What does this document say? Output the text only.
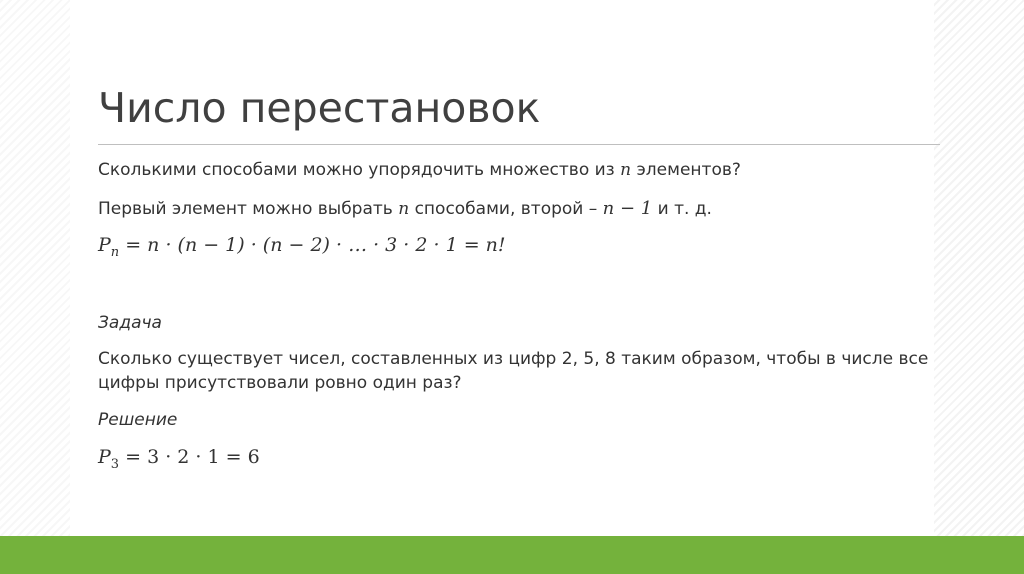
Число перестановок
Сколькими способами можно упорядочить множество из n элементов?
Первый элемент можно выбрать n способами, второй – n − 1 и т. д.
$P_n = n \cdot (n - 1) \cdot (n - 2)$ · … · 3 · 2 · 1 = n!
Задача
Сколько существует чисел, составленных из цифр 2, 5, 8 таким образом, чтобы в числе все
цифры присутствовали ровно один раз?
Решение
$P_3 = 3 \cdot 2 \cdot 1 = 6$
